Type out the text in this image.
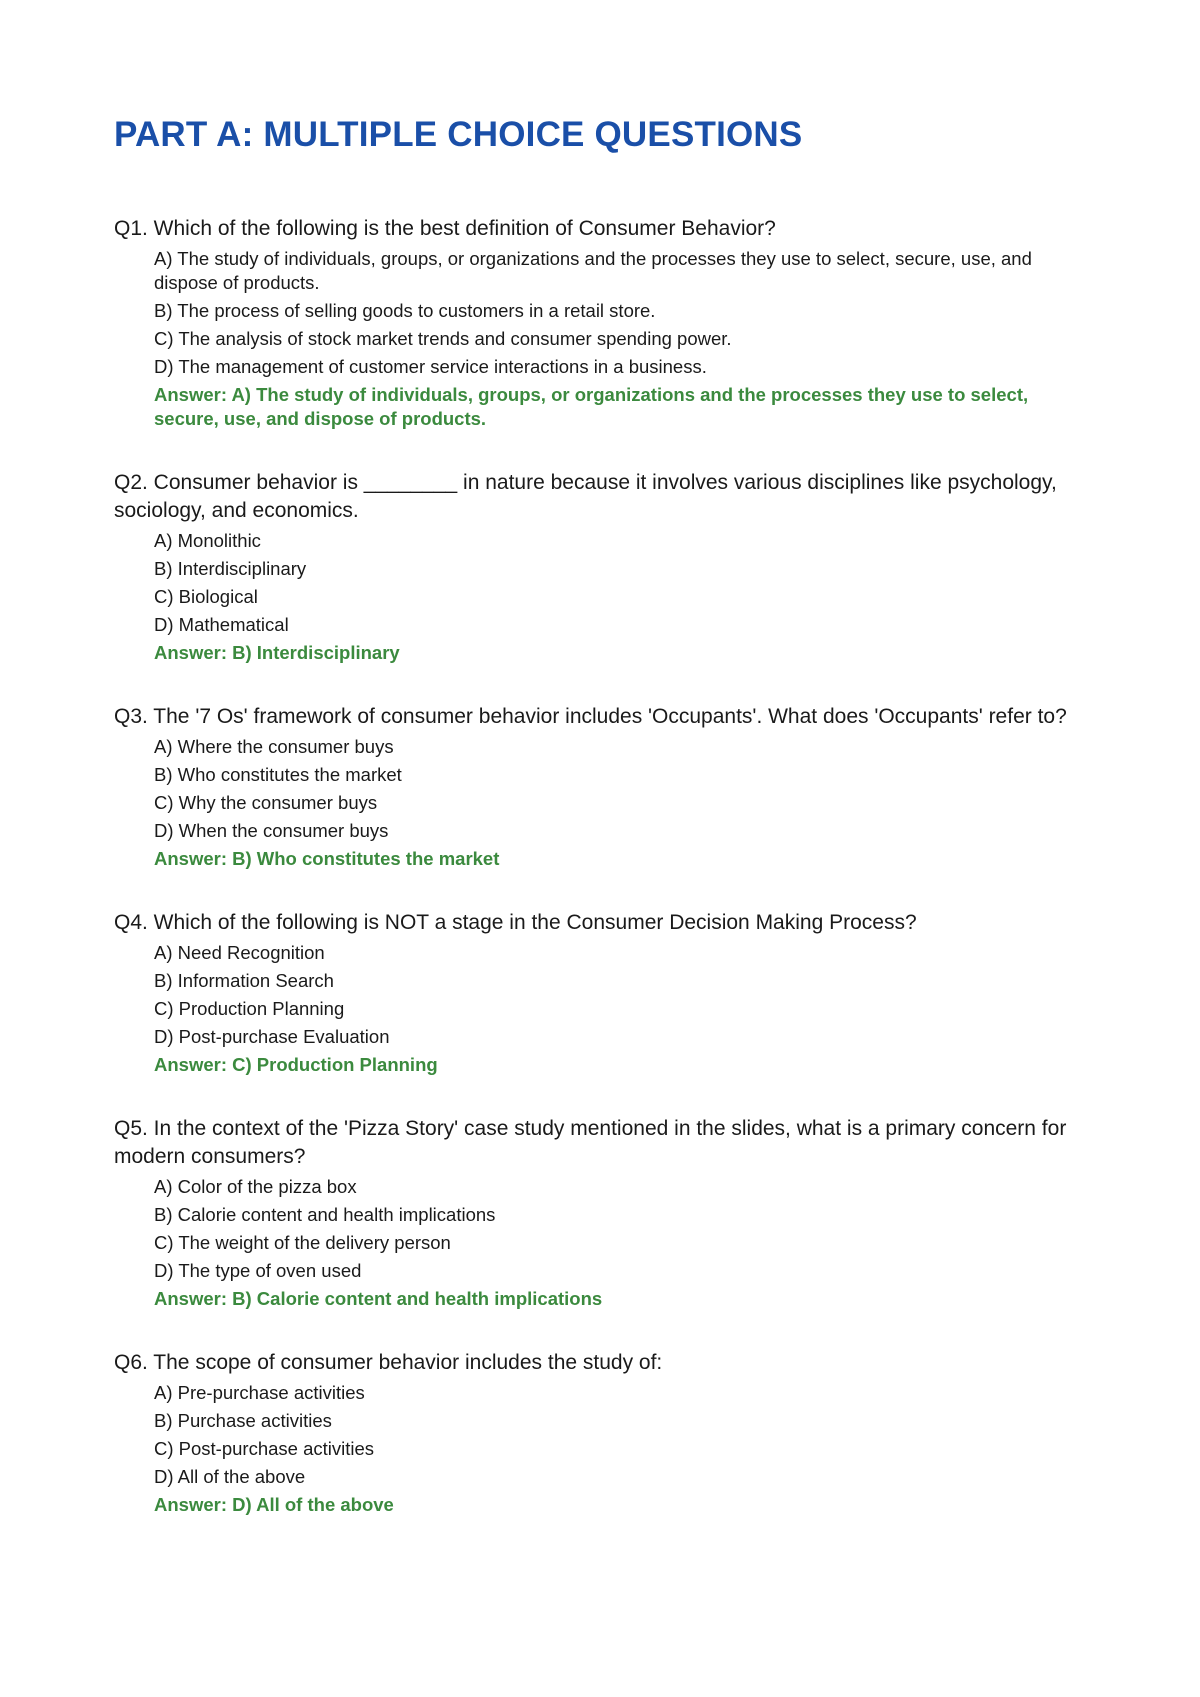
PART A: MULTIPLE CHOICE QUESTIONS

Q1. Which of the following is the best definition of Consumer Behavior?

A) The study of individuals, groups, or organizations and the processes they use to select, secure, use, and dispose of products.
B) The process of selling goods to customers in a retail store.
C) The analysis of stock market trends and consumer spending power.
D) The management of customer service interactions in a business.

Answer: A) The study of individuals, groups, or organizations and the processes they use to select, secure, use, and dispose of products.

Q2. Consumer behavior is ________ in nature because it involves various disciplines like psychology, sociology, and economics.

A) Monolithic
B) Interdisciplinary
C) Biological
D) Mathematical

Answer: B) Interdisciplinary

Q3. The '7 Os' framework of consumer behavior includes 'Occupants'. What does 'Occupants' refer to?

A) Where the consumer buys
B) Who constitutes the market
C) Why the consumer buys
D) When the consumer buys

Answer: B) Who constitutes the market

Q4. Which of the following is NOT a stage in the Consumer Decision Making Process?

A) Need Recognition
B) Information Search
C) Production Planning
D) Post-purchase Evaluation

Answer: C) Production Planning

Q5. In the context of the 'Pizza Story' case study mentioned in the slides, what is a primary concern for modern consumers?

A) Color of the pizza box
B) Calorie content and health implications
C) The weight of the delivery person
D) The type of oven used

Answer: B) Calorie content and health implications

Q6. The scope of consumer behavior includes the study of:

A) Pre-purchase activities
B) Purchase activities
C) Post-purchase activities
D) All of the above

Answer: D) All of the above
